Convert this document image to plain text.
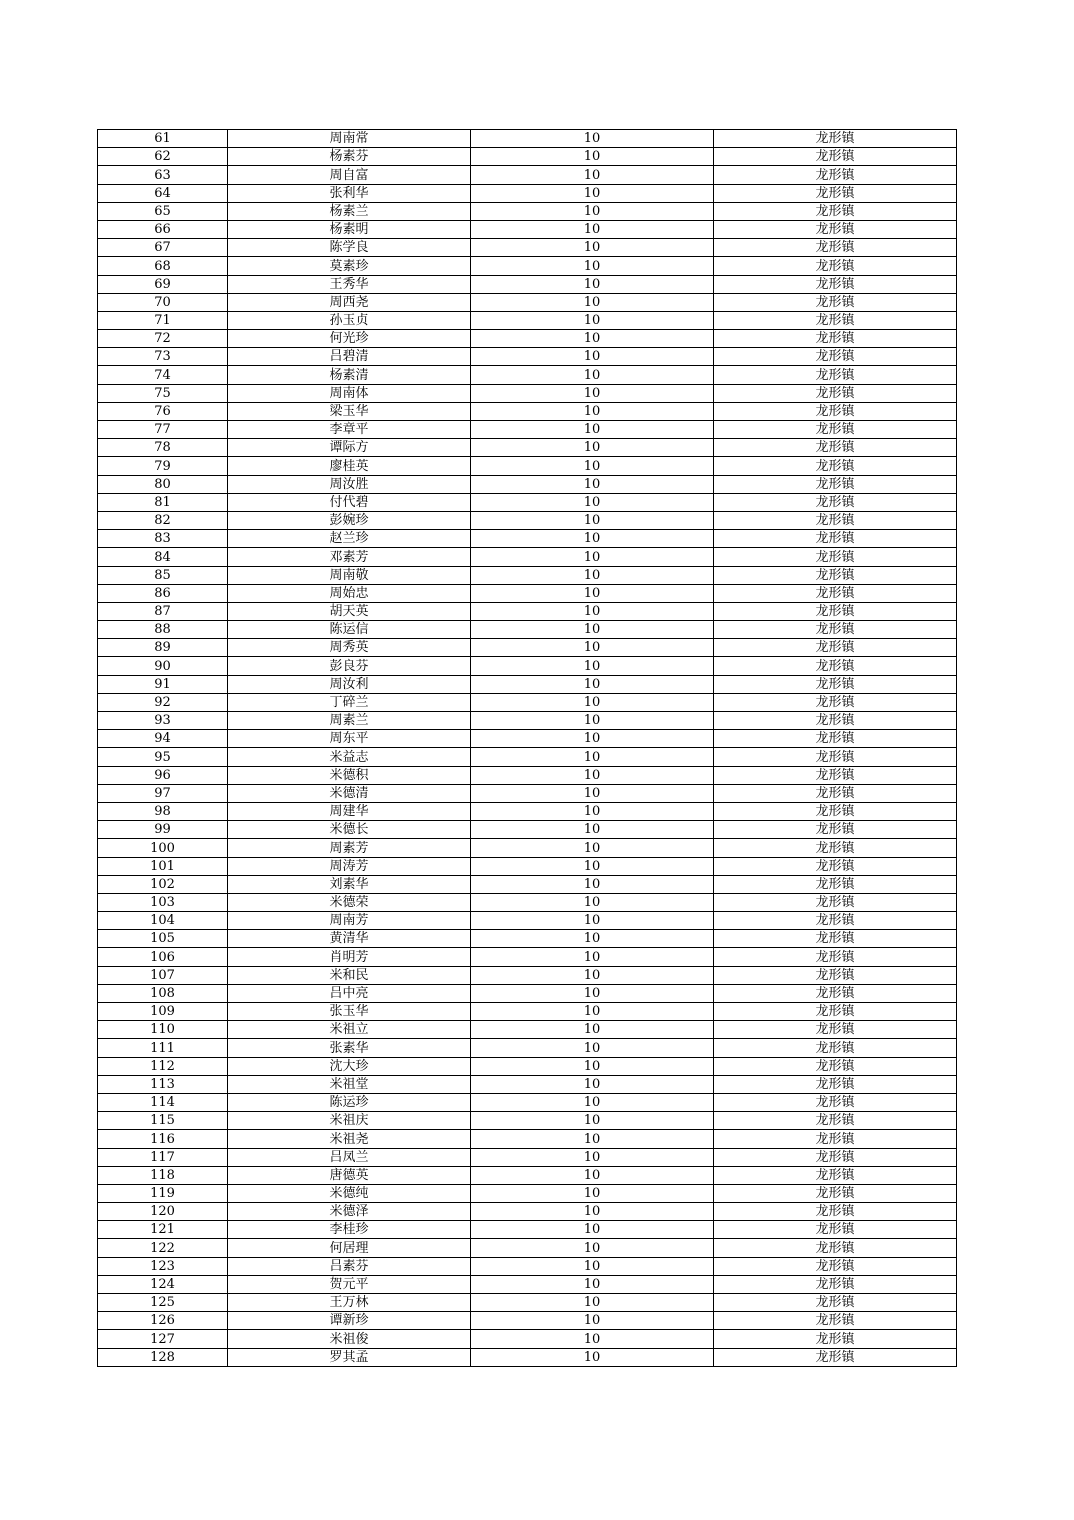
61	周南常	10	龙形镇
62	杨素芬	10	龙形镇
63	周自富	10	龙形镇
64	张利华	10	龙形镇
65	杨素兰	10	龙形镇
66	杨素明	10	龙形镇
67	陈学良	10	龙形镇
68	莫素珍	10	龙形镇
69	王秀华	10	龙形镇
70	周西尧	10	龙形镇
71	孙玉贞	10	龙形镇
72	何光珍	10	龙形镇
73	吕碧清	10	龙形镇
74	杨素清	10	龙形镇
75	周南体	10	龙形镇
76	梁玉华	10	龙形镇
77	李章平	10	龙形镇
78	谭际方	10	龙形镇
79	廖桂英	10	龙形镇
80	周汝胜	10	龙形镇
81	付代碧	10	龙形镇
82	彭婉珍	10	龙形镇
83	赵兰珍	10	龙形镇
84	邓素芳	10	龙形镇
85	周南敬	10	龙形镇
86	周始忠	10	龙形镇
87	胡天英	10	龙形镇
88	陈运信	10	龙形镇
89	周秀英	10	龙形镇
90	彭良芬	10	龙形镇
91	周汝利	10	龙形镇
92	丁碎兰	10	龙形镇
93	周素兰	10	龙形镇
94	周东平	10	龙形镇
95	米益志	10	龙形镇
96	米德积	10	龙形镇
97	米德清	10	龙形镇
98	周建华	10	龙形镇
99	米德长	10	龙形镇
100	周素芳	10	龙形镇
101	周涛芳	10	龙形镇
102	刘素华	10	龙形镇
103	米德荣	10	龙形镇
104	周南芳	10	龙形镇
105	黄清华	10	龙形镇
106	肖明芳	10	龙形镇
107	米和民	10	龙形镇
108	吕中亮	10	龙形镇
109	张玉华	10	龙形镇
110	米祖立	10	龙形镇
111	张素华	10	龙形镇
112	沈大珍	10	龙形镇
113	米祖堂	10	龙形镇
114	陈运珍	10	龙形镇
115	米祖庆	10	龙形镇
116	米祖尧	10	龙形镇
117	吕凤兰	10	龙形镇
118	唐德英	10	龙形镇
119	米德纯	10	龙形镇
120	米德泽	10	龙形镇
121	李桂珍	10	龙形镇
122	何居理	10	龙形镇
123	吕素芬	10	龙形镇
124	贺元平	10	龙形镇
125	王万林	10	龙形镇
126	谭新珍	10	龙形镇
127	米祖俊	10	龙形镇
128	罗其孟	10	龙形镇
